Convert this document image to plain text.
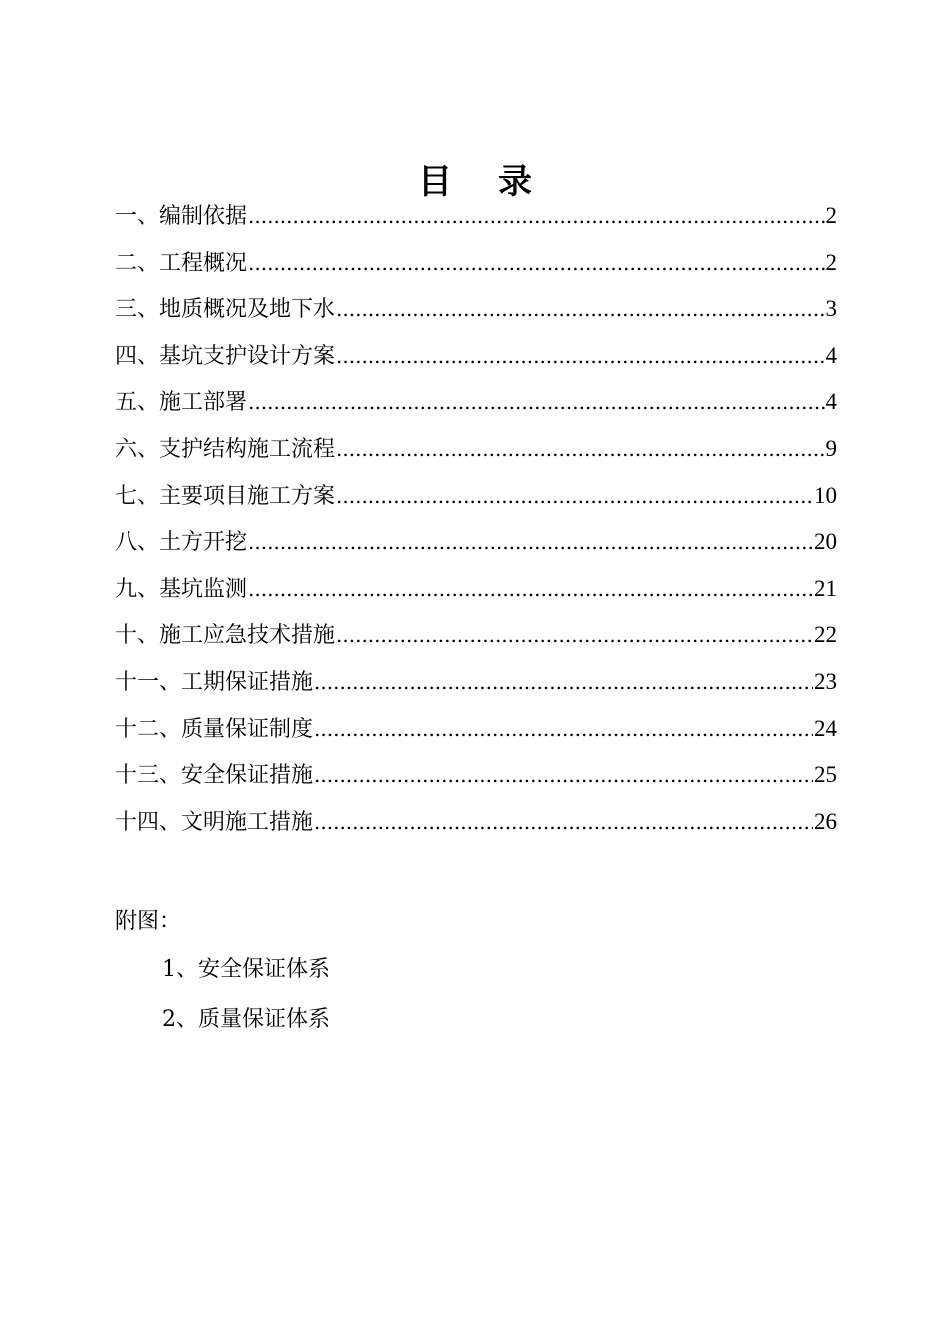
目 录
一、编制依据 .....	2
二、工程概况 .....	2
三、地质概况及地下水 .....	3
四、基坑支护设计方案 .....	4
五、施工部署 .....	4
六、支护结构施工流程 .....	9
七、主要项目施工方案 .....	10
八、土方开挖 .....	20
九、基坑监测 .....	21
十、施工应急技术措施 .....	22
十一、工期保证措施 .....	23
十二、质量保证制度 .....	24
十三、安全保证措施 .....	25
十四、文明施工措施 .....	26
附图：
1、安全保证体系
2、质量保证体系
